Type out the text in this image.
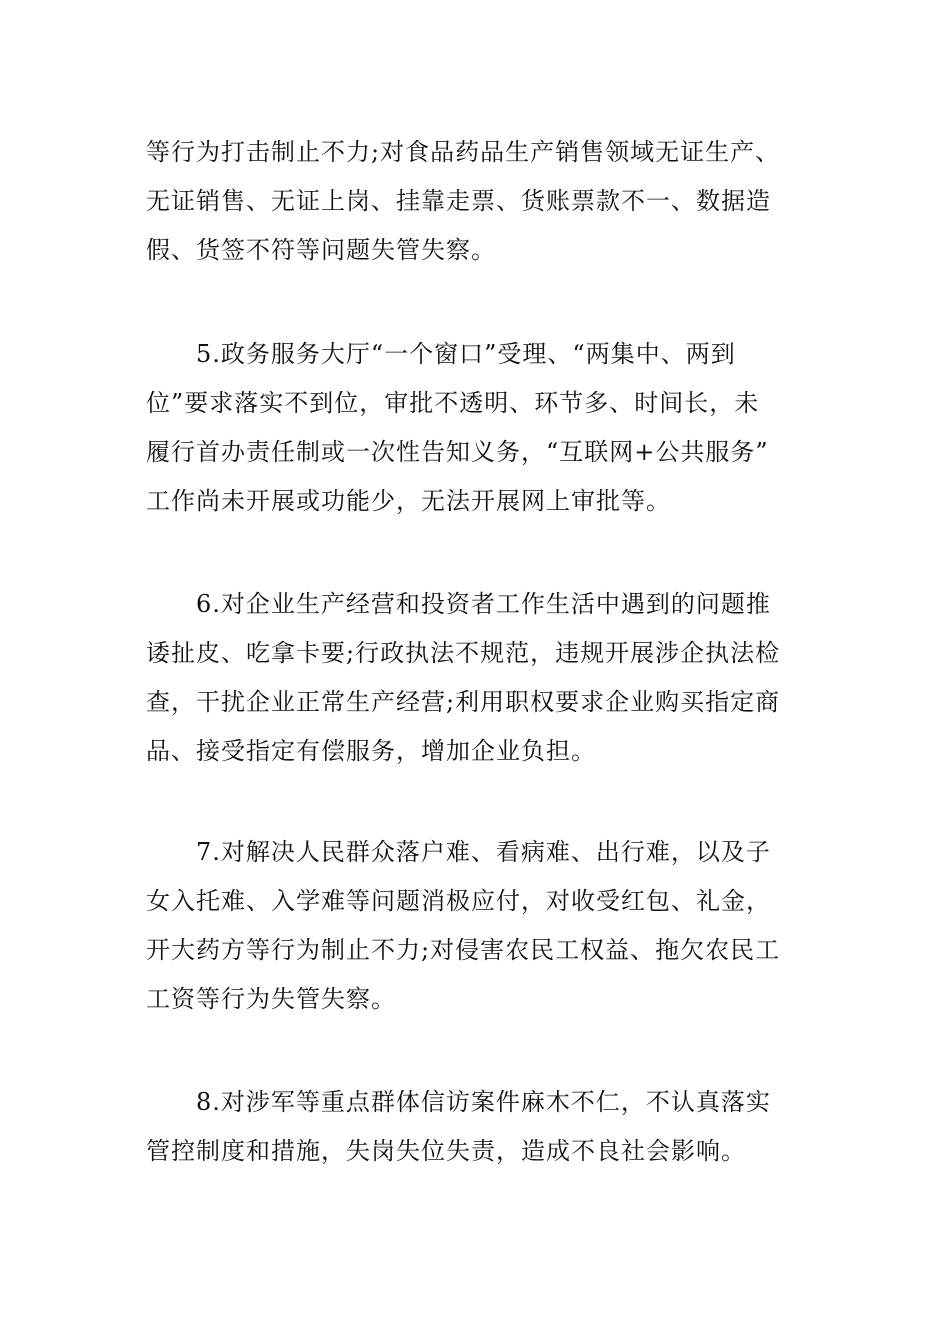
等行为打击制止不力;对食品药品生产销售领域无证生产、
无证销售、无证上岗、挂靠走票、货账票款不一、数据造
假、货签不符等问题失管失察。

5.政务服务大厅“一个窗口”受理、“两集中、两到
位”要求落实不到位，审批不透明、环节多、时间长，未
履行首办责任制或一次性告知义务，“互联网+公共服务”
工作尚未开展或功能少，无法开展网上审批等。

6.对企业生产经营和投资者工作生活中遇到的问题推
诿扯皮、吃拿卡要;行政执法不规范，违规开展涉企执法检
查，干扰企业正常生产经营;利用职权要求企业购买指定商
品、接受指定有偿服务，增加企业负担。

7.对解决人民群众落户难、看病难、出行难，以及子
女入托难、入学难等问题消极应付，对收受红包、礼金，
开大药方等行为制止不力;对侵害农民工权益、拖欠农民工
工资等行为失管失察。

8.对涉军等重点群体信访案件麻木不仁，不认真落实
管控制度和措施，失岗失位失责，造成不良社会影响。
